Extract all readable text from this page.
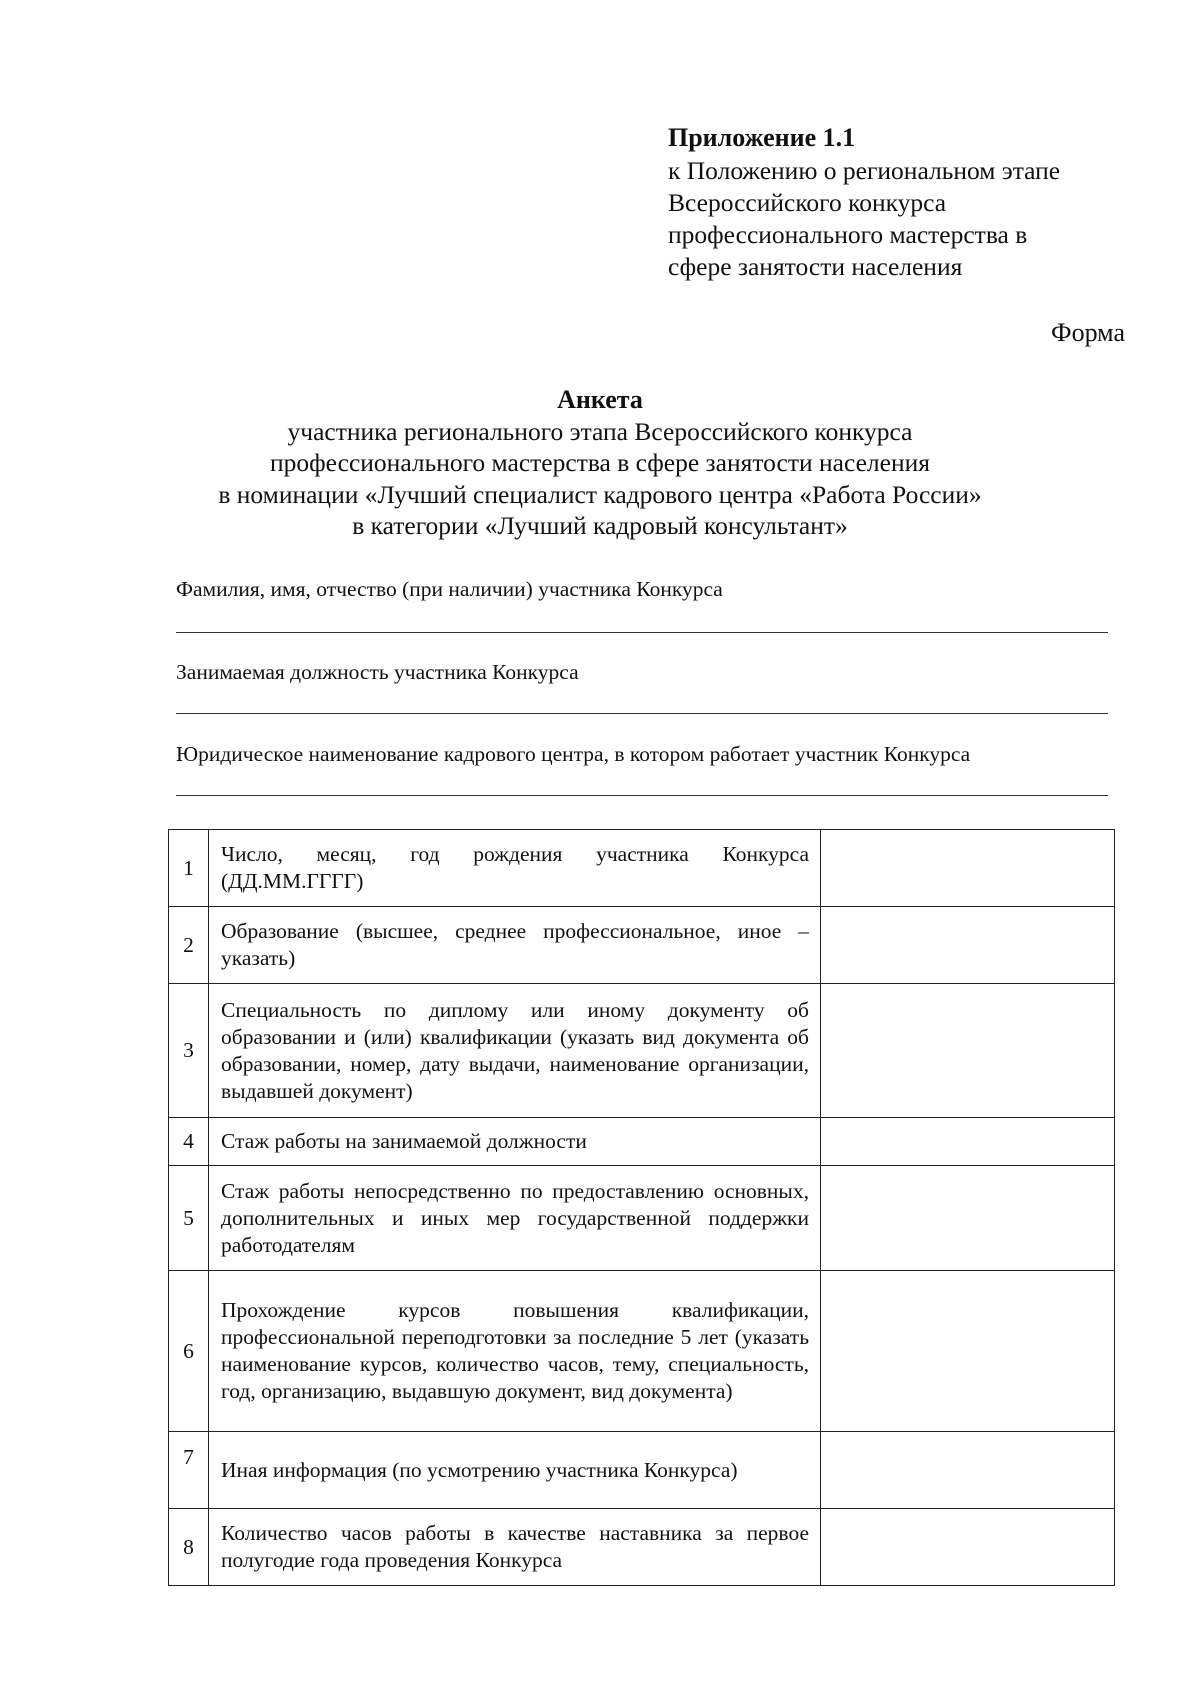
Приложение 1.1
к Положению о региональном этапе
Всероссийского конкурса
профессионального мастерства в
сфере занятости населения
Форма
Анкета
участника регионального этапа Всероссийского конкурса
профессионального мастерства в сфере занятости населения
в номинации «Лучший специалист кадрового центра «Работа России»
в категории «Лучший кадровый консультант»
Фамилия, имя, отчество (при наличии) участника Конкурса
Занимаемая должность участника Конкурса
Юридическое наименование кадрового центра, в котором работает участник Конкурса
1	Число, месяц, год рождения участника Конкурса (ДД.ММ.ГГГГ)	
2	Образование (высшее, среднее профессиональное, иное – указать)	
3	Специальность по диплому или иному документу об образовании и (или) квалификации (указать вид документа об образовании, номер, дату выдачи, наименование организации, выдавшей документ)	
4	Стаж работы на занимаемой должности	
5	Стаж работы непосредственно по предоставлению основных, дополнительных и иных мер государственной поддержки работодателям	
6	Прохождение курсов повышения квалификации, профессиональной переподготовки за последние 5 лет (указать наименование курсов, количество часов, тему, специальность, год, организацию, выдавшую документ, вид документа)	
7	Иная информация (по усмотрению участника Конкурса)	
8	Количество часов работы в качестве наставника за первое полугодие года проведения Конкурса	
